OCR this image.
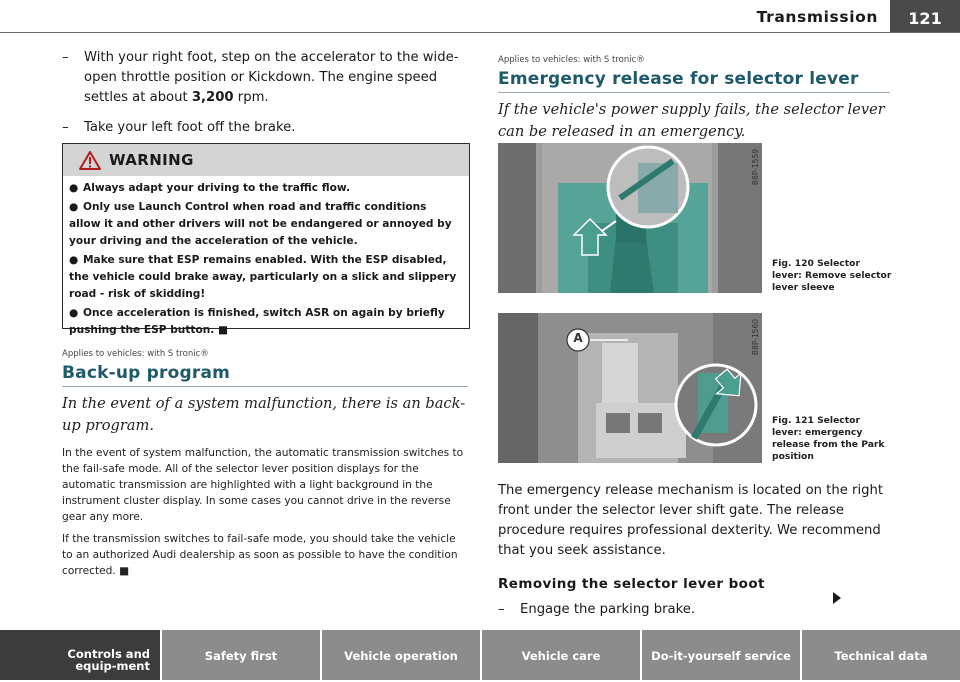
Transmission	121
– With your right foot, step on the accelerator to the wide-open throttle position or Kickdown. The engine speed settles at about 3,200 rpm.
– Take your left foot off the brake.
WARNING

● Always adapt your driving to the traffic flow.

● Only use Launch Control when road and traffic conditions allow it and other drivers will not be endangered or annoyed by your driving and the acceleration of the vehicle.

● Make sure that ESP remains enabled. With the ESP disabled, the vehicle could brake away, particularly on a slick and slippery road - risk of skidding!

● Once acceleration is finished, switch ASR on again by briefly pushing the ESP button. ■

Applies to vehicles: with S tronic®
Back-up program
In the event of a system malfunction, there is an back-up program.
In the event of system malfunction, the automatic transmission switches to the fail-safe mode. All of the selector lever position displays for the automatic transmission are highlighted with a light background in the instrument cluster display. In some cases you cannot drive in the reverse gear any more.
If the transmission switches to fail-safe mode, you should take the vehicle to an authorized Audi dealership as soon as possible to have the condition corrected. ■
Applies to vehicles: with S tronic®
Emergency release for selector lever
If the vehicle's power supply fails, the selector lever can be released in an emergency.
B8P-1559
Fig. 120 Selector lever: Remove selector lever sleeve
A	B8P-1560
Fig. 121 Selector lever: emergency release from the Park position
The emergency release mechanism is located on the right front under the selector lever shift gate. The release procedure requires professional dexterity. We recommend that you seek assistance.
Removing the selector lever boot
– Engage the parking brake.
Controls and equip-ment
Safety first	Vehicle operation	Vehicle care	Do-it-yourself service	Technical data
